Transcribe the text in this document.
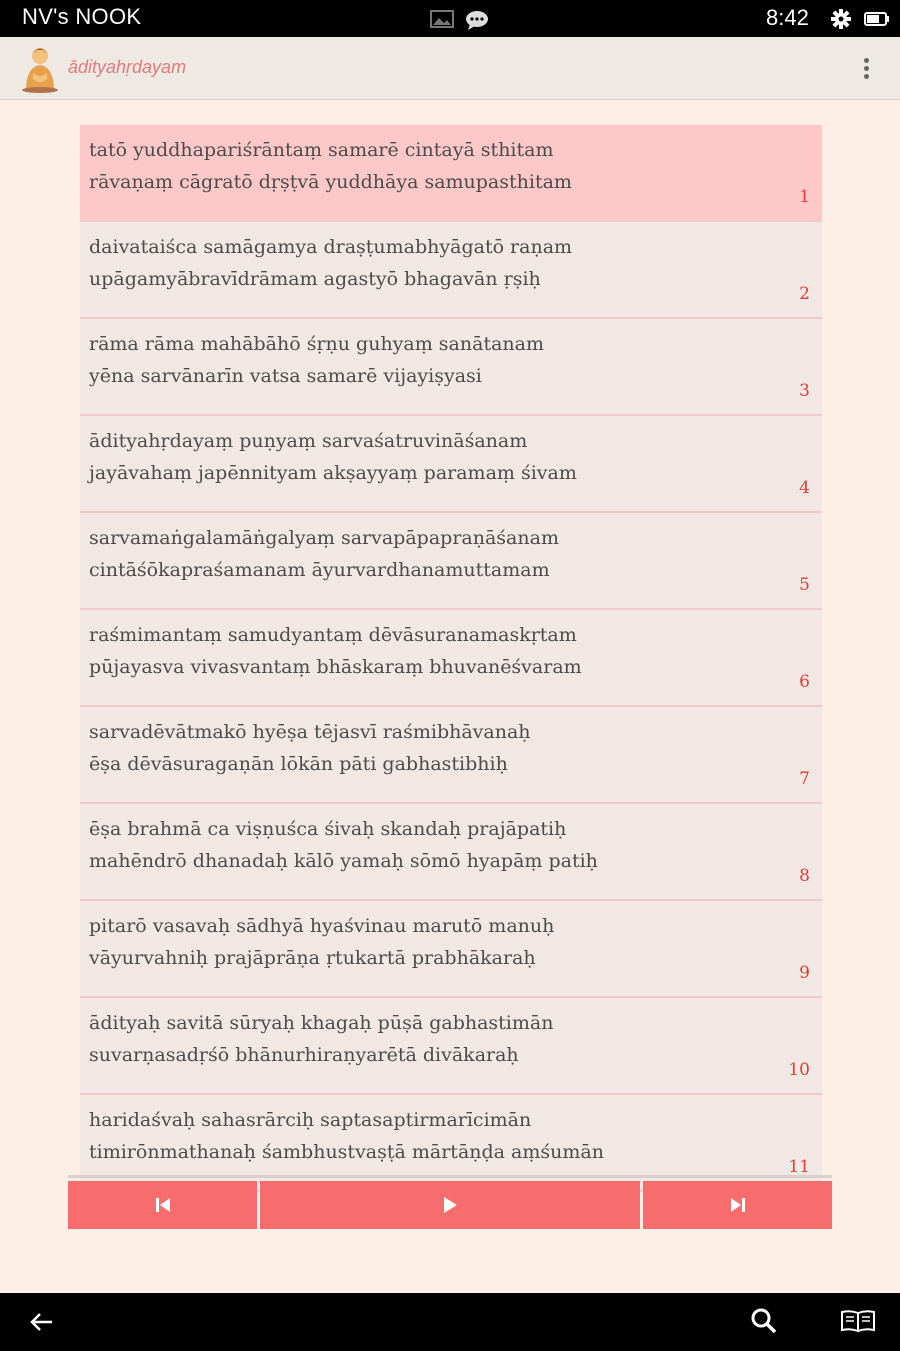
NV's NOOK	8:42
ādityahṛdayam
tatō yuddhapariśrāntaṃ samarē cintayā sthitam
rāvaṇaṃ cāgratō dṛṣṭvā yuddhāya samupasthitam
1
daivataiśca samāgamya draṣṭumabhyāgatō raṇam
upāgamyābravīdrāmam agastyō bhagavān ṛṣiḥ
2
rāma rāma mahābāhō śṛṇu guhyaṃ sanātanam
yēna sarvānarīn vatsa samarē vijayiṣyasi
3
ādityahṛdayaṃ puṇyaṃ sarvaśatruvināśanam
jayāvahaṃ japēnnityam akṣayyaṃ paramaṃ śivam
4
sarvamaṅgalamāṅgalyaṃ sarvapāpapraṇāśanam
cintāśōkapraśamanam āyurvardhanamuttamam
5
raśmimantaṃ samudyantaṃ dēvāsuranamaskṛtam
pūjayasva vivasvantaṃ bhāskaraṃ bhuvanēśvaram
6
sarvadēvātmakō hyēṣa tējasvī raśmibhāvanaḥ
ēṣa dēvāsuragaṇān lōkān pāti gabhastibhiḥ
7
ēṣa brahmā ca viṣṇuśca śivaḥ skandaḥ prajāpatiḥ
mahēndrō dhanadaḥ kālō yamaḥ sōmō hyapāṃ patiḥ
8
pitarō vasavaḥ sādhyā hyaśvinau marutō manuḥ
vāyurvahniḥ prajāprāṇa ṛtukartā prabhākaraḥ
9
ādityaḥ savitā sūryaḥ khagaḥ pūṣā gabhastimān
suvarṇasadṛśō bhānurhiraṇyarētā divākaraḥ
10
haridaśvaḥ sahasrārciḥ saptasaptirmarīcimān
timirōnmathanaḥ śambhustvaṣṭā mārtāṇḍa aṃśumān
11
